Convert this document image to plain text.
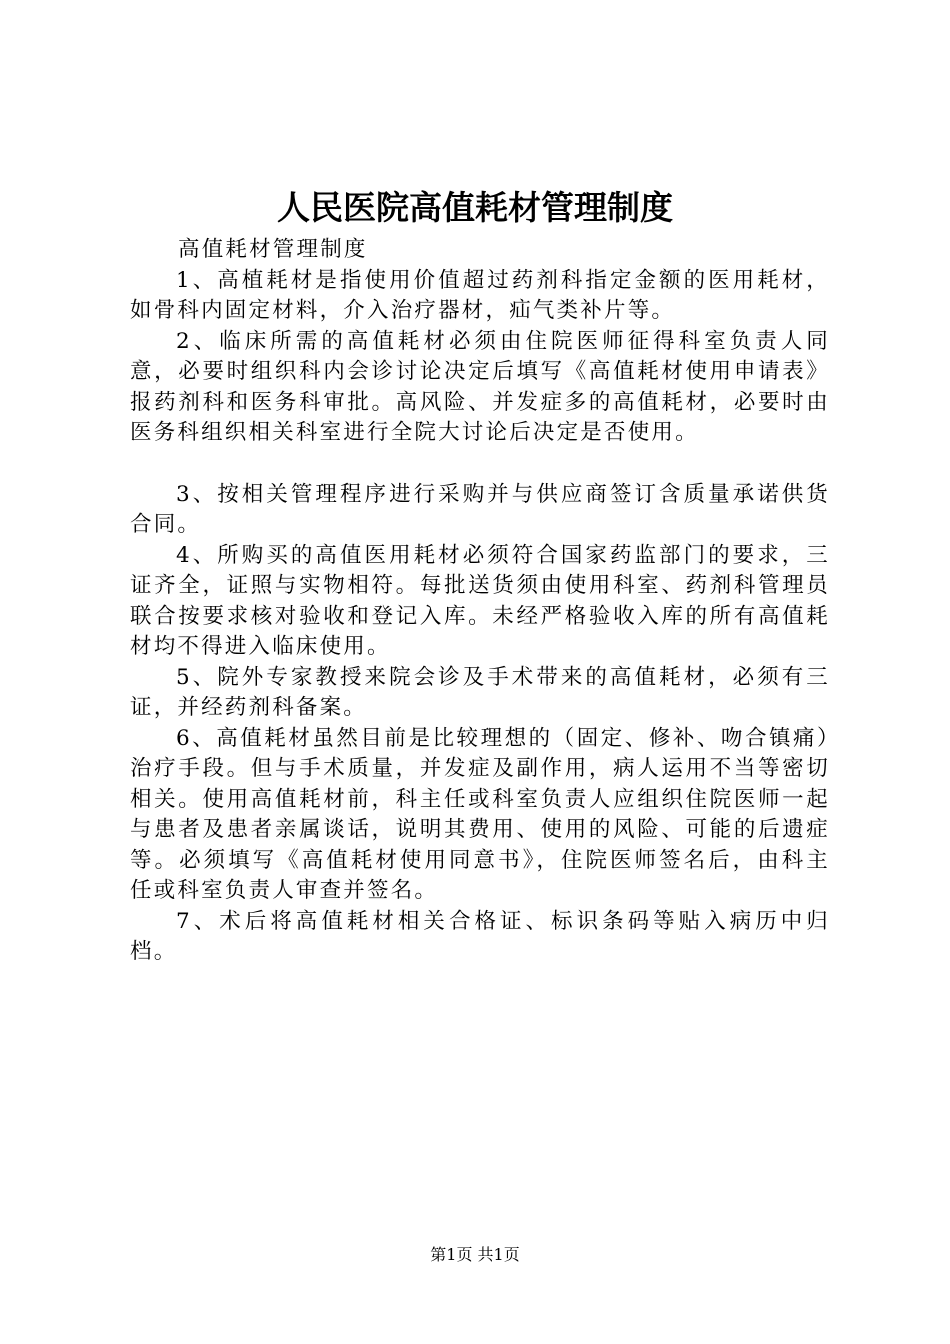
人民医院高值耗材管理制度

高值耗材管理制度

1、高植耗材是指使用价值超过药剂科指定金额的医用耗材，如骨科内固定材料，介入治疗器材，疝气类补片等。

2、临床所需的高值耗材必须由住院医师征得科室负责人同意，必要时组织科内会诊讨论决定后填写《高值耗材使用申请表》报药剂科和医务科审批。高风险、并发症多的高值耗材，必要时由医务科组织相关科室进行全院大讨论后决定是否使用。

3、按相关管理程序进行采购并与供应商签订含质量承诺供货合同。

4、所购买的高值医用耗材必须符合国家药监部门的要求，三证齐全，证照与实物相符。每批送货须由使用科室、药剂科管理员联合按要求核对验收和登记入库。未经严格验收入库的所有高值耗材均不得进入临床使用。

5、院外专家教授来院会诊及手术带来的高值耗材，必须有三证，并经药剂科备案。

6、高值耗材虽然目前是比较理想的（固定、修补、吻合镇痛）治疗手段。但与手术质量，并发症及副作用，病人运用不当等密切相关。使用高值耗材前，科主任或科室负责人应组织住院医师一起与患者及患者亲属谈话，说明其费用、使用的风险、可能的后遗症等。必须填写《高值耗材使用同意书》，住院医师签名后，由科主任或科室负责人审查并签名。

7、术后将高值耗材相关合格证、标识条码等贴入病历中归档。

第1页 共1页
